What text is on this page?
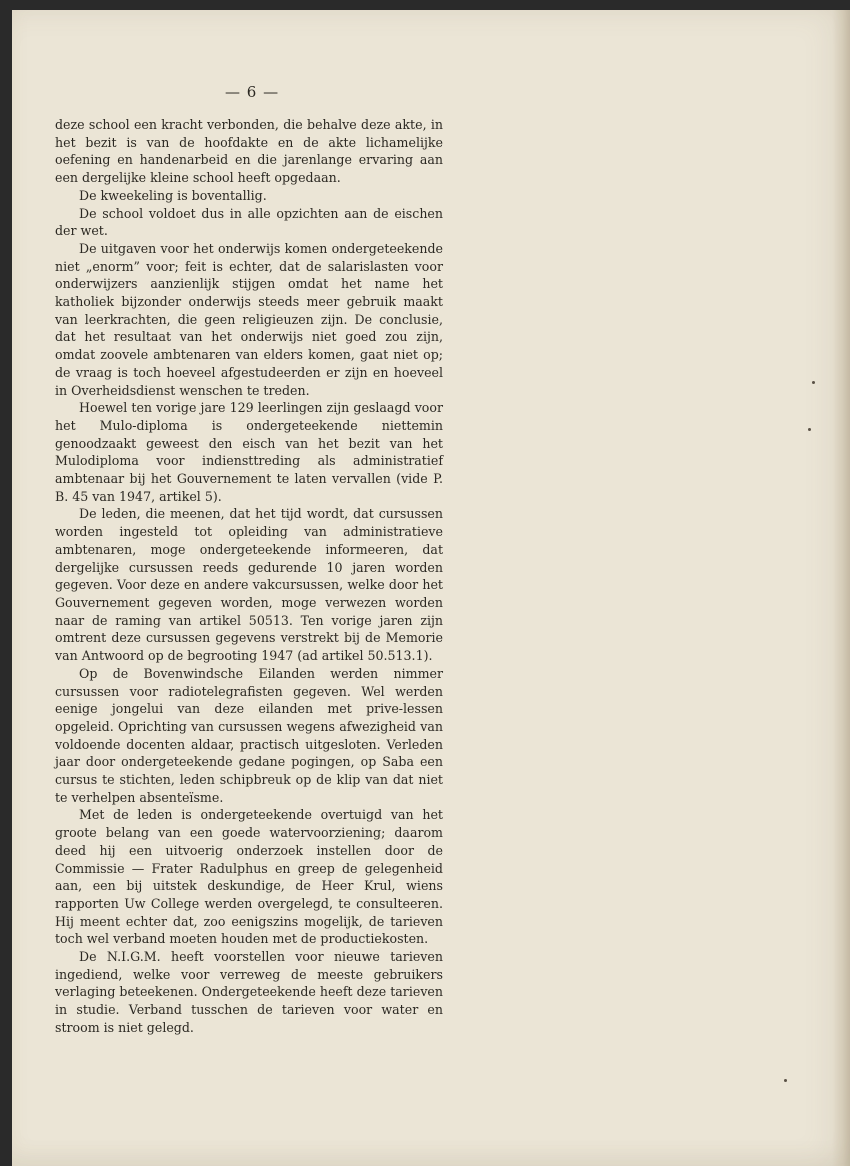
— 6 —

deze school een kracht verbonden, die behalve deze akte, in het bezit is van de hoofdakte en de akte lichamelijke oefening en handenarbeid en die jarenlange ervaring aan een dergelijke kleine school heeft opgedaan.

De kweekeling is boventallig.

De school voldoet dus in alle opzichten aan de eischen der wet.

De uitgaven voor het onderwijs komen ondergeteekende niet „enorm” voor; feit is echter, dat de salarislasten voor onderwijzers aanzienlijk stijgen omdat het name het katholiek bijzonder onderwijs steeds meer gebruik maakt van leerkrachten, die geen religieuzen zijn. De conclusie, dat het resultaat van het onderwijs niet goed zou zijn, omdat zoovele ambtenaren van elders komen, gaat niet op; de vraag is toch hoeveel afgestudeerden er zijn en hoeveel in Overheidsdienst wenschen te treden.

Hoewel ten vorige jare 129 leerlingen zijn geslaagd voor het Mulo-diploma is ondergeteekende niettemin genoodzaakt geweest den eisch van het bezit van het Mulodiploma voor indiensttreding als administratief ambtenaar bij het Gouvernement te laten vervallen (vide P. B. 45 van 1947, artikel 5).

De leden, die meenen, dat het tijd wordt, dat cursussen worden ingesteld tot opleiding van administratieve ambtenaren, moge ondergeteekende informeeren, dat dergelijke cursussen reeds gedurende 10 jaren worden gegeven. Voor deze en andere vakcursussen, welke door het Gouvernement gegeven worden, moge verwezen worden naar de raming van artikel 50513. Ten vorige jaren zijn omtrent deze cursussen gegevens verstrekt bij de Memorie van Antwoord op de begrooting 1947 (ad artikel 50.513.1).

Op de Bovenwindsche Eilanden werden nimmer cursussen voor radiotelegrafisten gegeven. Wel werden eenige jongelui van deze eilanden met prive-lessen opgeleid. Oprichting van cursussen wegens afwezigheid van voldoende docenten aldaar, practisch uitgesloten. Verleden jaar door ondergeteekende gedane pogingen, op Saba een cursus te stichten, leden schipbreuk op de klip van dat niet te verhelpen absenteïsme.

Met de leden is ondergeteekende overtuigd van het groote belang van een goede watervoorziening; daarom deed hij een uitvoerig onderzoek instellen door de Commissie — Frater Radulphus en greep de gelegenheid aan, een bij uitstek deskundige, de Heer Krul, wiens rapporten Uw College werden overgelegd, te consulteeren. Hij meent echter dat, zoo eenigszins mogelijk, de tarieven toch wel verband moeten houden met de productiekosten.

De N.I.G.M. heeft voorstellen voor nieuwe tarieven ingediend, welke voor verreweg de meeste gebruikers verlaging beteekenen. Ondergeteekende heeft deze tarieven in studie. Verband tusschen de tarieven voor water en stroom is niet gelegd.
